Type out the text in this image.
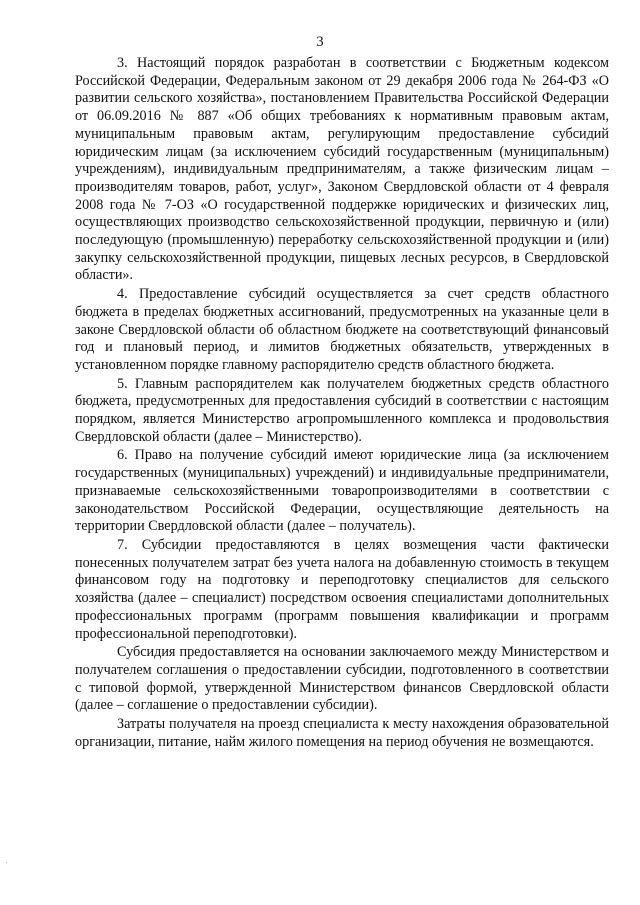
3

3. Настоящий порядок разработан в соответствии с Бюджетным кодексом Российской Федерации, Федеральным законом от 29 декабря 2006 года № 264-ФЗ «О развитии сельского хозяйства», постановлением Правительства Российской Федерации от 06.09.2016 № 887 «Об общих требованиях к нормативным правовым актам, муниципальным правовым актам, регулирующим предоставление субсидий юридическим лицам (за исключением субсидий государственным (муниципальным) учреждениям), индивидуальным предпринимателям, а также физическим лицам – производителям товаров, работ, услуг», Законом Свердловской области от 4 февраля 2008 года № 7-ОЗ «О государственной поддержке юридических и физических лиц, осуществляющих производство сельскохозяйственной продукции, первичную и (или) последующую (промышленную) переработку сельскохозяйственной продукции и (или) закупку сельскохозяйственной продукции, пищевых лесных ресурсов, в Свердловской области».

4. Предоставление субсидий осуществляется за счет средств областного бюджета в пределах бюджетных ассигнований, предусмотренных на указанные цели в законе Свердловской области об областном бюджете на соответствующий финансовый год и плановый период, и лимитов бюджетных обязательств, утвержденных в установленном порядке главному распорядителю средств областного бюджета.

5. Главным распорядителем как получателем бюджетных средств областного бюджета, предусмотренных для предоставления субсидий в соответствии с настоящим порядком, является Министерство агропромышленного комплекса и продовольствия Свердловской области (далее – Министерство).

6. Право на получение субсидий имеют юридические лица (за исключением государственных (муниципальных) учреждений) и индивидуальные предприниматели, признаваемые сельскохозяйственными товаропроизводителями в соответствии с законодательством Российской Федерации, осуществляющие деятельность на территории Свердловской области (далее – получатель).

7. Субсидии предоставляются в целях возмещения части фактически понесенных получателем затрат без учета налога на добавленную стоимость в текущем финансовом году на подготовку и переподготовку специалистов для сельского хозяйства (далее – специалист) посредством освоения специалистами дополнительных профессиональных программ (программ повышения квалификации и программ профессиональной переподготовки).

Субсидия предоставляется на основании заключаемого между Министерством и получателем соглашения о предоставлении субсидии, подготовленного в соответствии с типовой формой, утвержденной Министерством финансов Свердловской области (далее – соглашение о предоставлении субсидии).

Затраты получателя на проезд специалиста к месту нахождения образовательной организации, питание, найм жилого помещения на период обучения не возмещаются.
